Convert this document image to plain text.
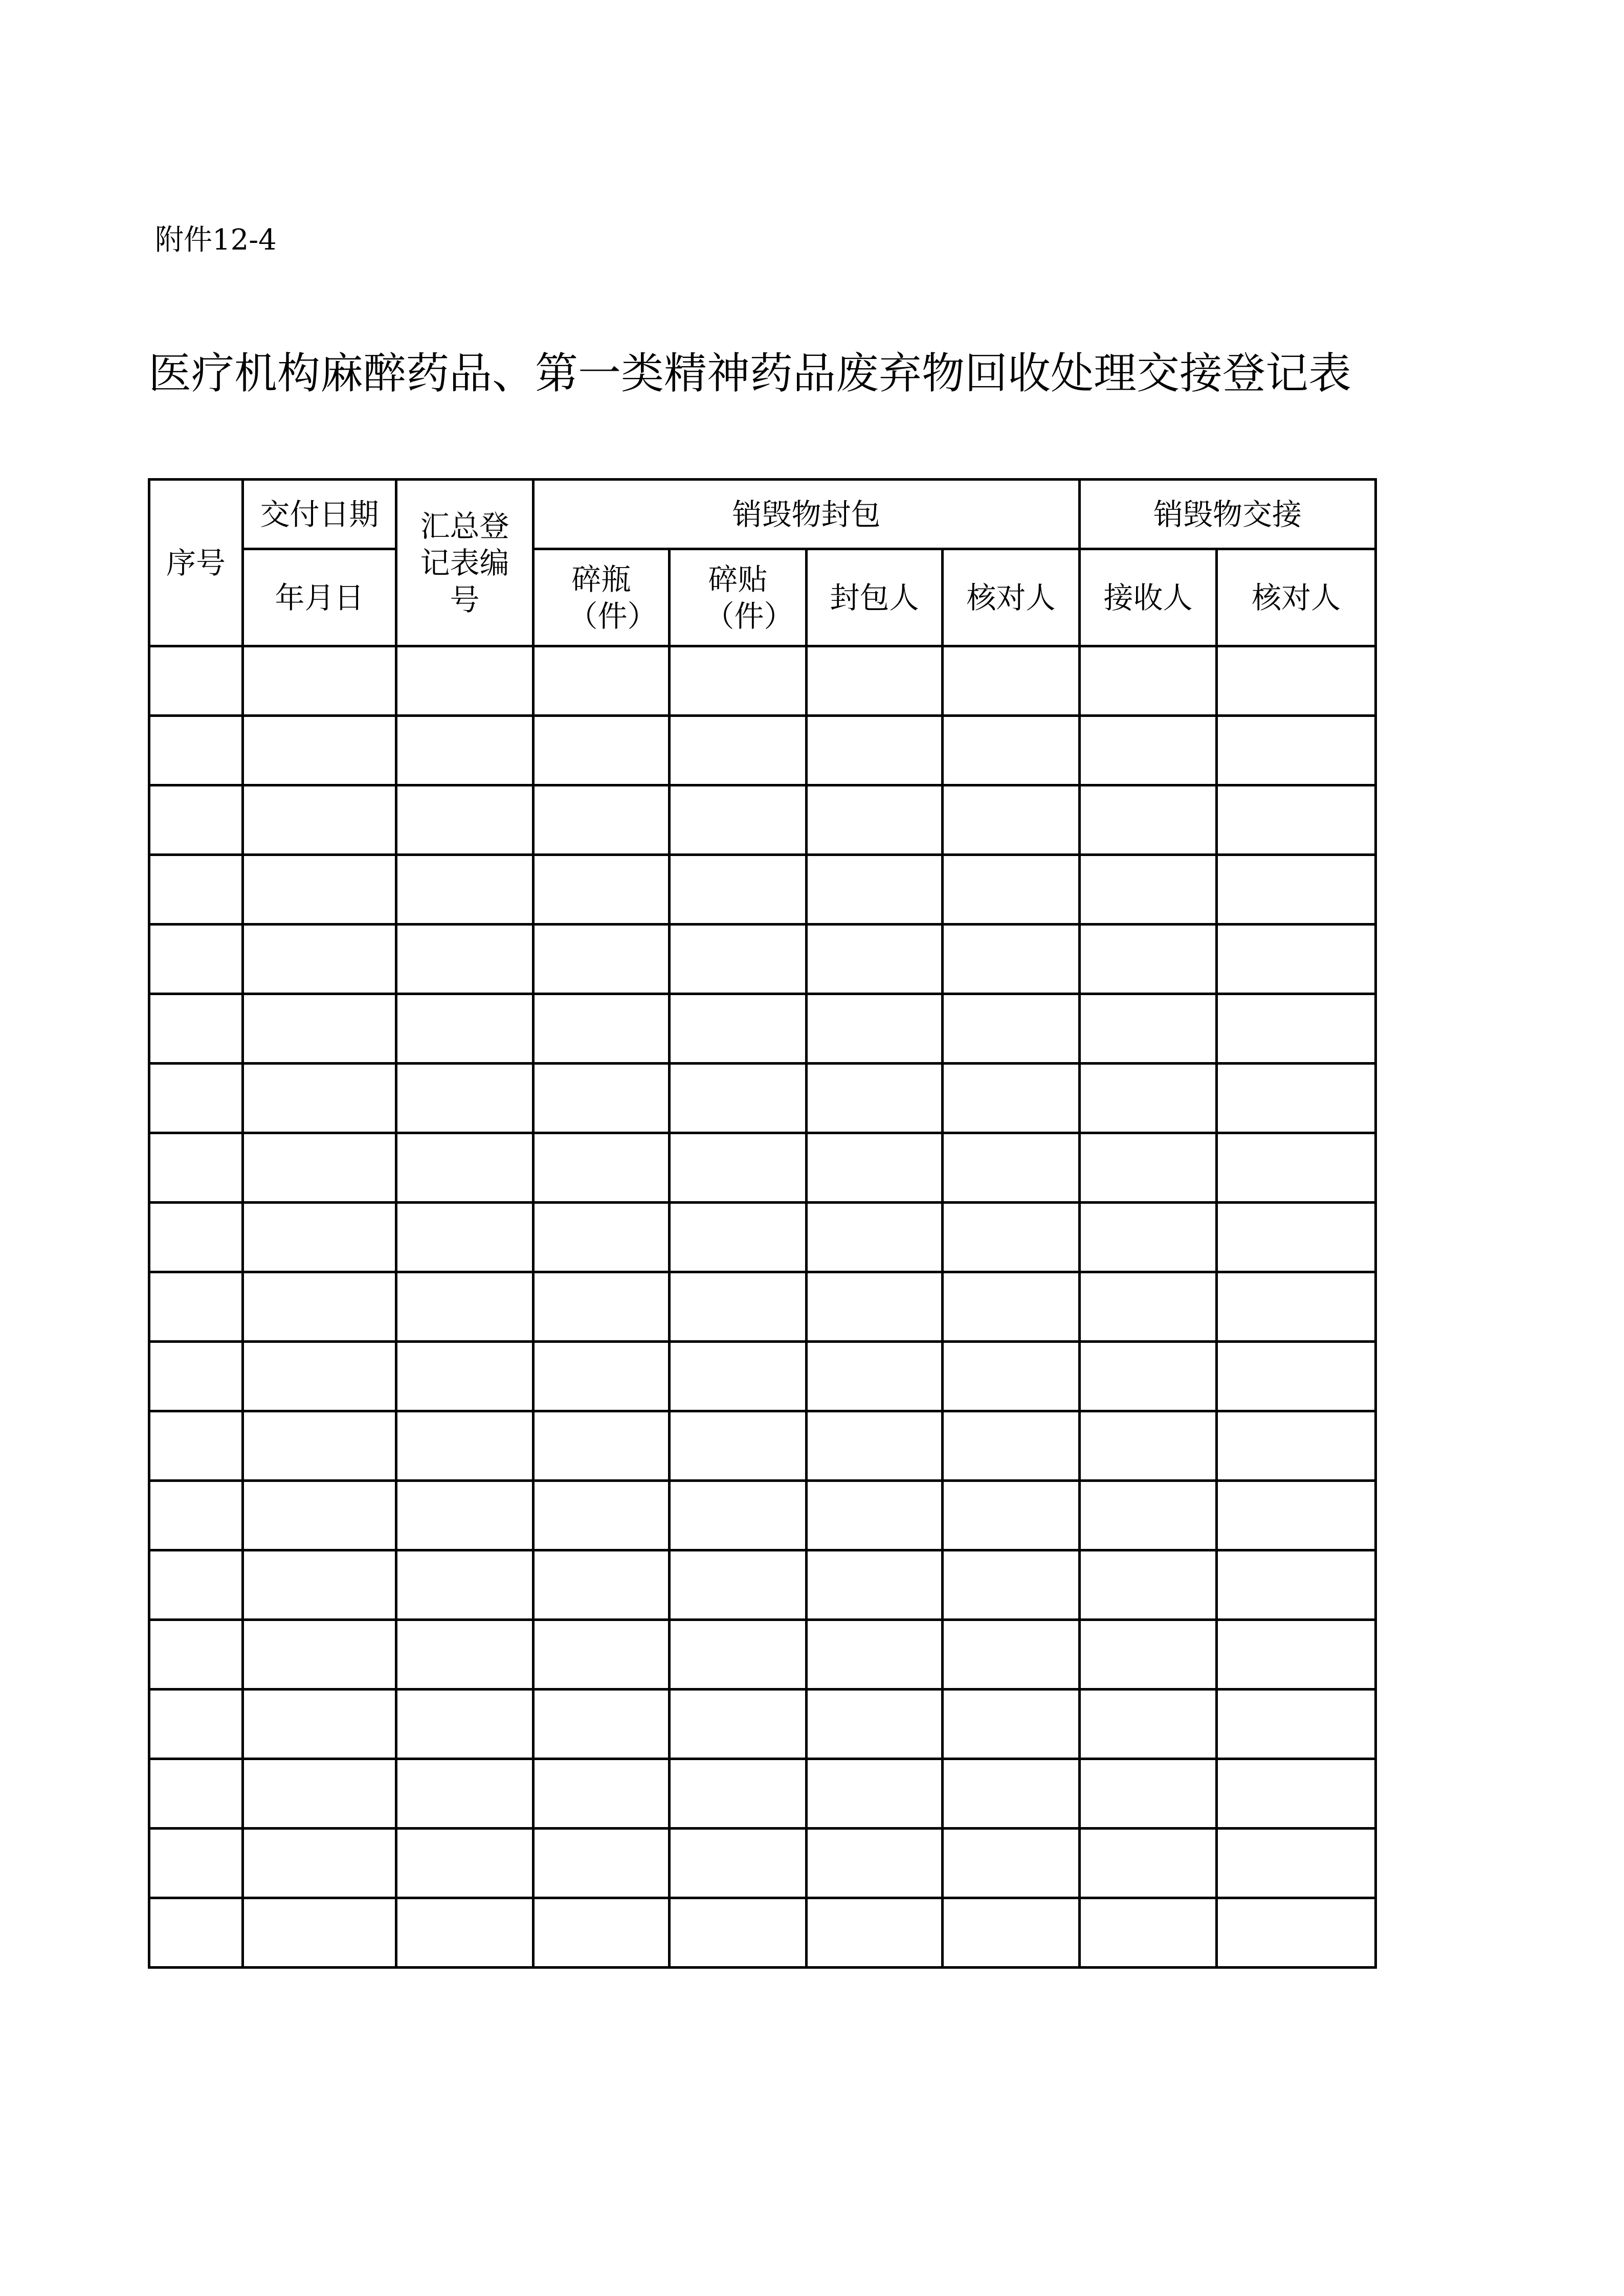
附件12-4
医疗机构麻醉药品、第一类精神药品废弃物回收处理交接登记表
序号	交付日期	汇总登记表编号	销毁物封包				销毁物交接	
	年月日		碎瓶（件）	碎贴（件）	封包人	核对人	接收人	核对人
